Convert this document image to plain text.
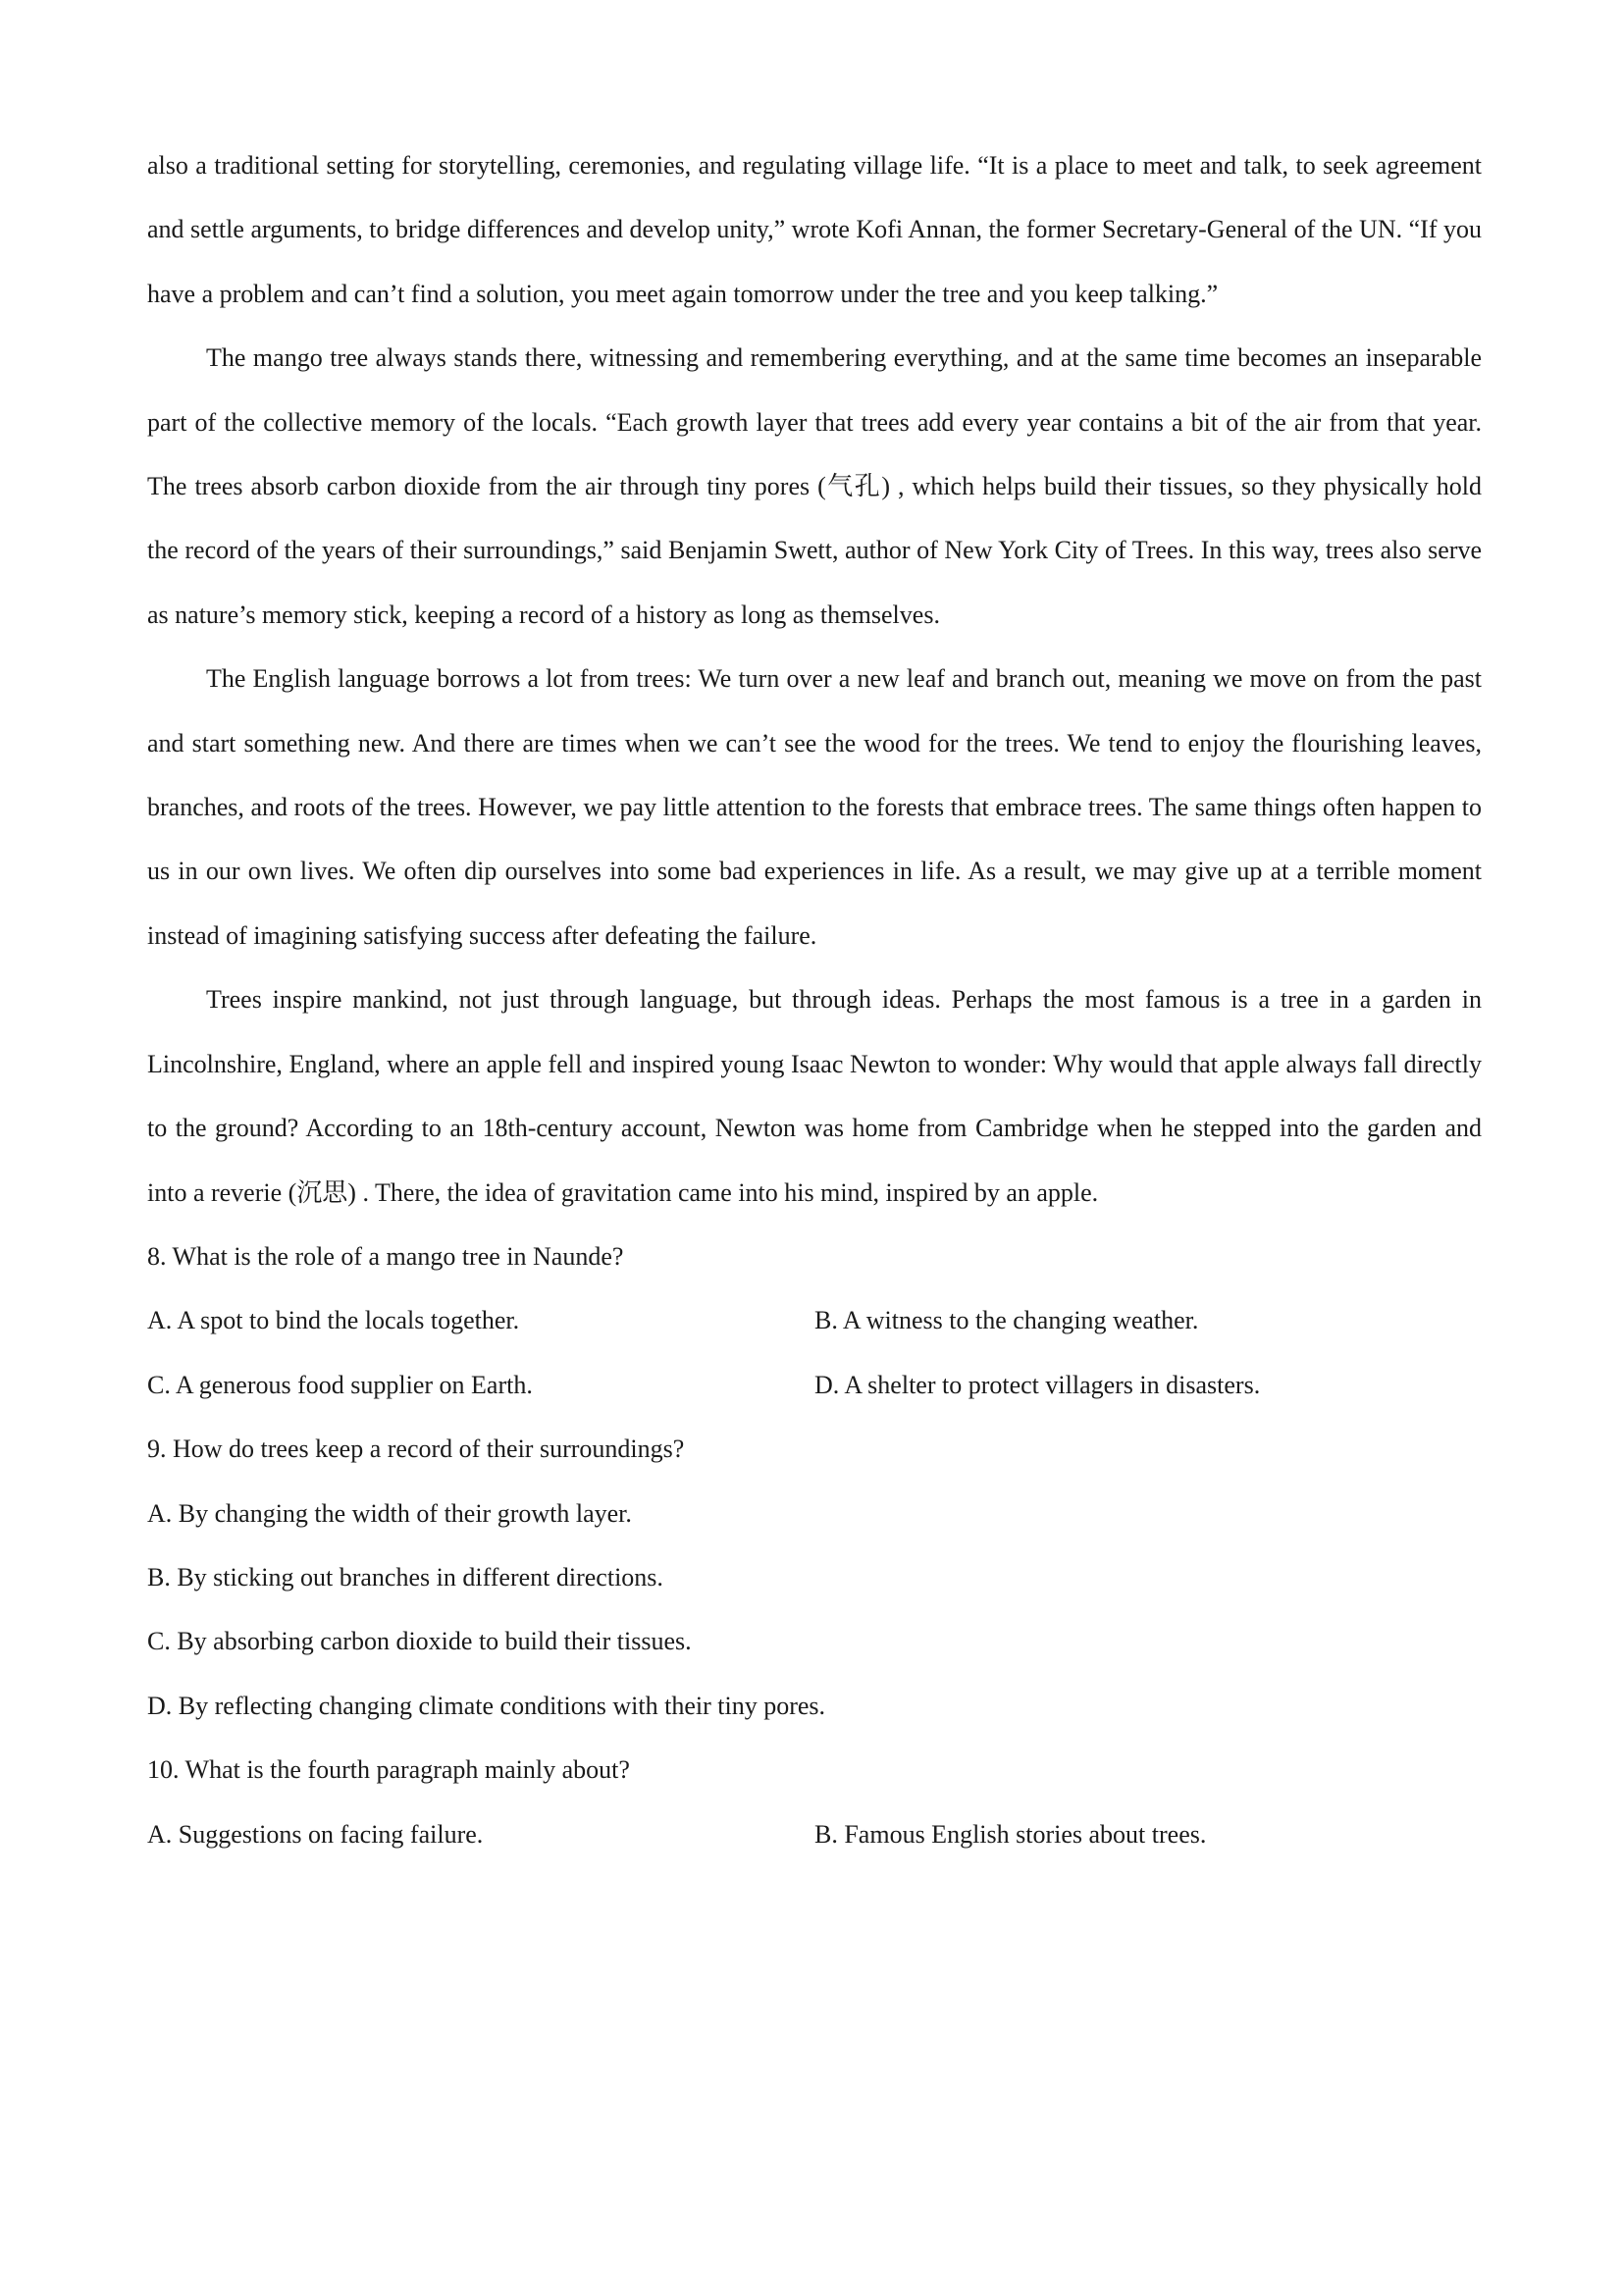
also a traditional setting for storytelling, ceremonies, and regulating village life. “It is a place to meet and talk, to seek agreement and settle arguments, to bridge differences and develop unity,” wrote Kofi Annan, the former Secretary-General of the UN. “If you have a problem and can’t find a solution, you meet again tomorrow under the tree and you keep talking.”

The mango tree always stands there, witnessing and remembering everything, and at the same time becomes an inseparable part of the collective memory of the locals. “Each growth layer that trees add every year contains a bit of the air from that year. The trees absorb carbon dioxide from the air through tiny pores (气孔) , which helps build their tissues, so they physically hold the record of the years of their surroundings,” said Benjamin Swett, author of New York City of Trees. In this way, trees also serve as nature’s memory stick, keeping a record of a history as long as themselves.

The English language borrows a lot from trees: We turn over a new leaf and branch out, meaning we move on from the past and start something new. And there are times when we can’t see the wood for the trees. We tend to enjoy the flourishing leaves, branches, and roots of the trees. However, we pay little attention to the forests that embrace trees. The same things often happen to us in our own lives. We often dip ourselves into some bad experiences in life. As a result, we may give up at a terrible moment instead of imagining satisfying success after defeating the failure.

Trees inspire mankind, not just through language, but through ideas. Perhaps the most famous is a tree in a garden in Lincolnshire, England, where an apple fell and inspired young Isaac Newton to wonder: Why would that apple always fall directly to the ground? According to an 18th-century account, Newton was home from Cambridge when he stepped into the garden and into a reverie (沉思) . There, the idea of gravitation came into his mind, inspired by an apple.

8. What is the role of a mango tree in Naunde?

A. A spot to bind the locals together.	B. A witness to the changing weather.
C. A generous food supplier on Earth.	D. A shelter to protect villagers in disasters.

9. How do trees keep a record of their surroundings?

A. By changing the width of their growth layer.

B. By sticking out branches in different directions.

C. By absorbing carbon dioxide to build their tissues.

D. By reflecting changing climate conditions with their tiny pores.

10. What is the fourth paragraph mainly about?

A. Suggestions on facing failure.	B. Famous English stories about trees.
